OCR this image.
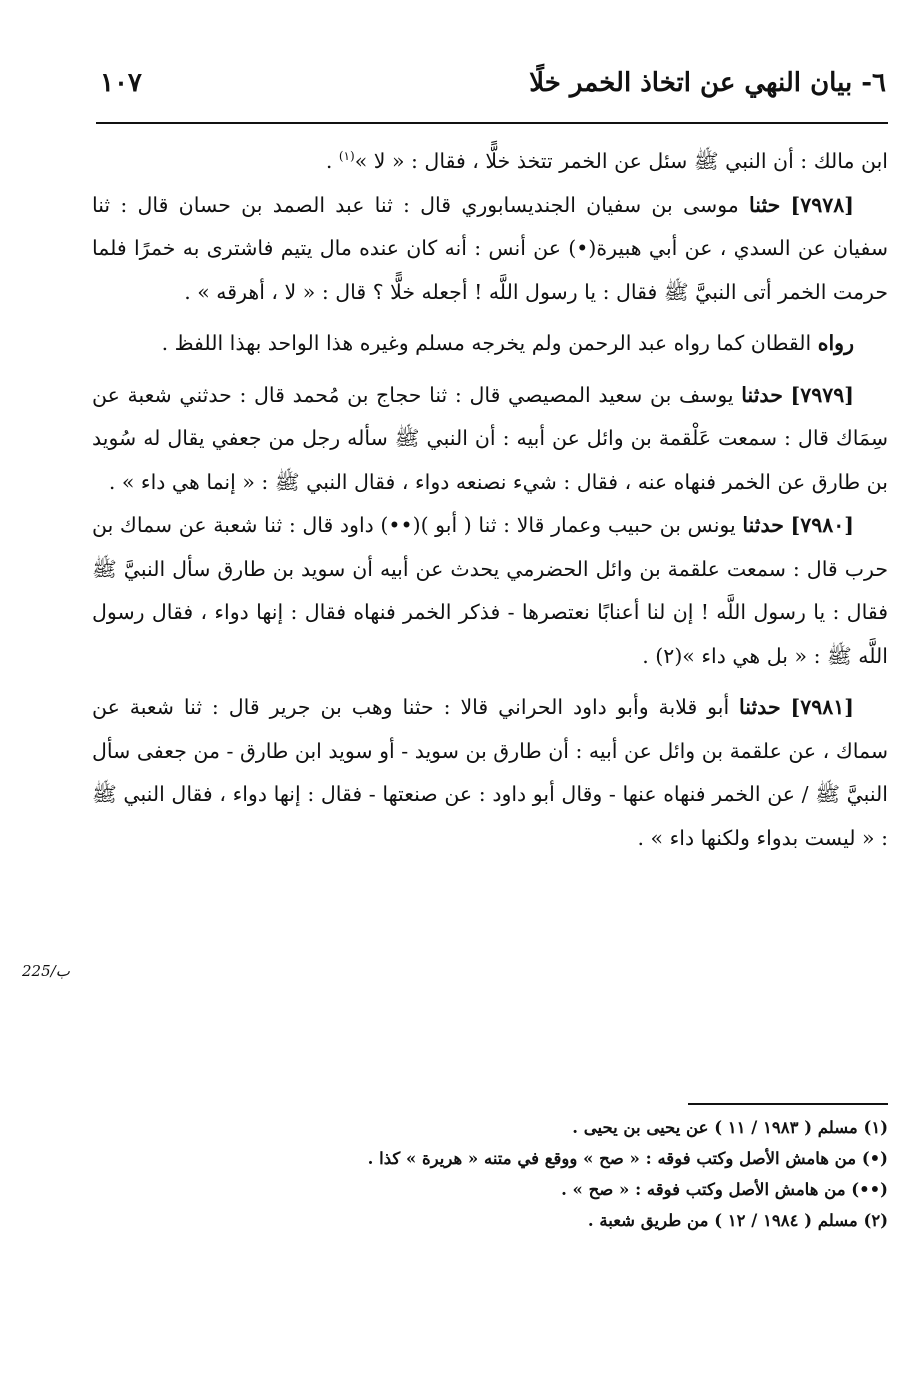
٦- بيان النهي عن اتخاذ الخمر خلًا
١٠٧

ابن مالك : أن النبي ﷺ سئل عن الخمر تتخذ خلًّا ، فقال : « لا »$^{(١)}$ .

[٧٩٧٨] حثنا موسى بن سفيان الجنديسابوري قال : ثنا عبد الصمد بن حسان قال : ثنا سفيان عن السدي ، عن أبي هبيرة(•) عن أنس : أنه كان عنده مال يتيم فاشترى به خمرًا فلما حرمت الخمر أتى النبيَّ ﷺ فقال : يا رسول اللَّه ! أجعله خلًّا ؟ قال : « لا ، أهرقه » .

رواه القطان كما رواه عبد الرحمن ولم يخرجه مسلم وغيره هذا الواحد بهذا اللفظ .

[٧٩٧٩] حدثنا يوسف بن سعيد المصيصي قال : ثنا حجاج بن مُحمد قال : حدثني شعبة عن سِمَاك قال : سمعت عَلْقمة بن وائل عن أبيه : أن النبي ﷺ سأله رجل من جعفي يقال له سُويد بن طارق عن الخمر فنهاه عنه ، فقال : شيء نصنعه دواء ، فقال النبي ﷺ : « إنما هي داء » .

[٧٩٨٠] حدثنا يونس بن حبيب وعمار قالا : ثنا ( أبو )(••) داود قال : ثنا شعبة عن سماك بن حرب قال : سمعت علقمة بن وائل الحضرمي يحدث عن أبيه أن سويد بن طارق سأل النبيَّ ﷺ فقال : يا رسول اللَّه ! إن لنا أعنابًا نعتصرها - فذكر الخمر فنهاه فقال : إنها دواء ، فقال رسول اللَّه ﷺ : « بل هي داء »(٢) .

[٧٩٨١] حدثنا أبو قلابة وأبو داود الحراني قالا : حثنا وهب بن جرير قال : ثنا شعبة عن سماك ، عن علقمة بن وائل عن أبيه : أن طارق بن سويد - أو سويد ابن طارق - من جعفى سأل النبيَّ ﷺ / عن الخمر فنهاه عنها - وقال أبو داود : عن صنعتها - فقال : إنها دواء ، فقال النبي ﷺ : « ليست بدواء ولكنها داء » .

225/ب
(١) مسلم ( ١٩٨٣ / ١١ ) عن يحيى بن يحيى .
(•) من هامش الأصل وكتب فوقه : « صح » ووقع في متنه « هريرة » كذا .
(••) من هامش الأصل وكتب فوقه : « صح » .
(٢) مسلم ( ١٩٨٤ / ١٢ ) من طريق شعبة .
